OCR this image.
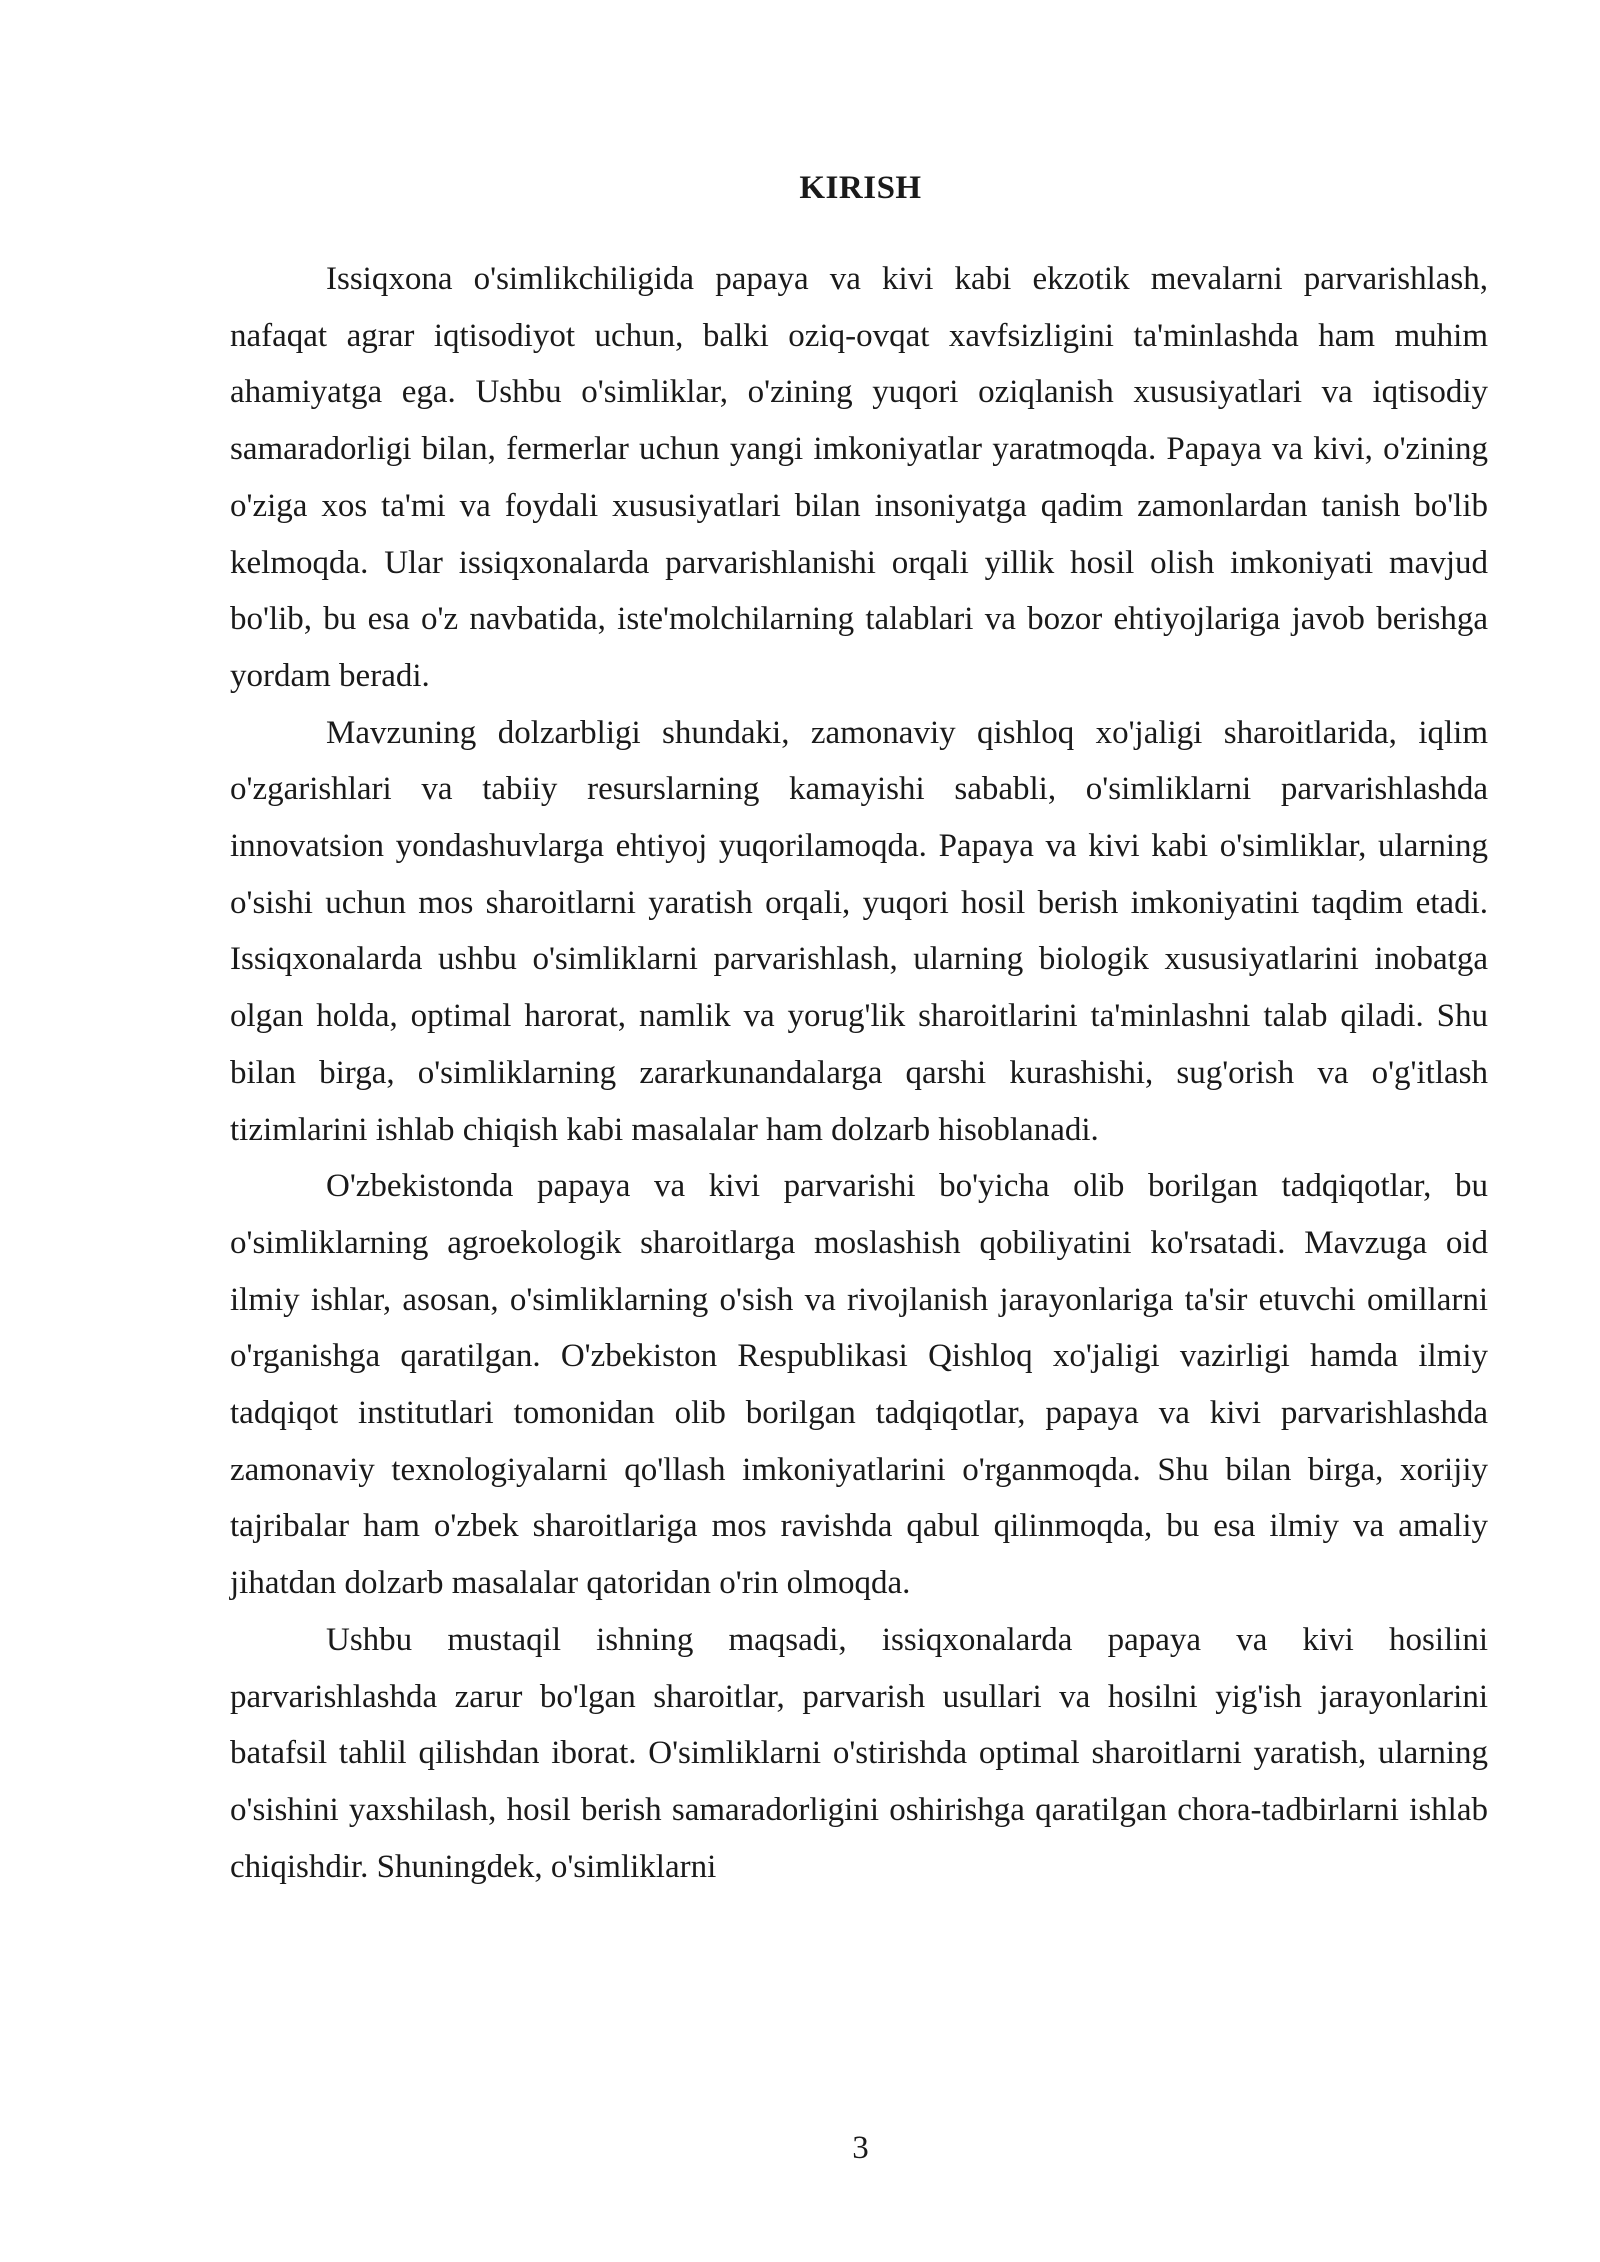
KIRISH

Issiqxona o'simlikchiligida papaya va kivi kabi ekzotik mevalarni parvarishlash, nafaqat agrar iqtisodiyot uchun, balki oziq-ovqat xavfsizligini ta'minlashda ham muhim ahamiyatga ega. Ushbu o'simliklar, o'zining yuqori oziqlanish xususiyatlari va iqtisodiy samaradorligi bilan, fermerlar uchun yangi imkoniyatlar yaratmoqda. Papaya va kivi, o'zining o'ziga xos ta'mi va foydali xususiyatlari bilan insoniyatga qadim zamonlardan tanish bo'lib kelmoqda. Ular issiqxonalarda parvarishlanishi orqali yillik hosil olish imkoniyati mavjud bo'lib, bu esa o'z navbatida, iste'molchilarning talablari va bozor ehtiyojlariga javob berishga yordam beradi.

Mavzuning dolzarbligi shundaki, zamonaviy qishloq xo'jaligi sharoitlarida, iqlim o'zgarishlari va tabiiy resurslarning kamayishi sababli, o'simliklarni parvarishlashda innovatsion yondashuvlarga ehtiyoj yuqorilamoqda. Papaya va kivi kabi o'simliklar, ularning o'sishi uchun mos sharoitlarni yaratish orqali, yuqori hosil berish imkoniyatini taqdim etadi. Issiqxonalarda ushbu o'simliklarni parvarishlash, ularning biologik xususiyatlarini inobatga olgan holda, optimal harorat, namlik va yorug'lik sharoitlarini ta'minlashni talab qiladi. Shu bilan birga, o'simliklarning zararkunandalarga qarshi kurashishi, sug'orish va o'g'itlash tizimlarini ishlab chiqish kabi masalalar ham dolzarb hisoblanadi.

O'zbekistonda papaya va kivi parvarishi bo'yicha olib borilgan tadqiqotlar, bu o'simliklarning agroekologik sharoitlarga moslashish qobiliyatini ko'rsatadi. Mavzuga oid ilmiy ishlar, asosan, o'simliklarning o'sish va rivojlanish jarayonlariga ta'sir etuvchi omillarni o'rganishga qaratilgan. O'zbekiston Respublikasi Qishloq xo'jaligi vazirligi hamda ilmiy tadqiqot institutlari tomonidan olib borilgan tadqiqotlar, papaya va kivi parvarishlashda zamonaviy texnologiyalarni qo'llash imkoniyatlarini o'rganmoqda. Shu bilan birga, xorijiy tajribalar ham o'zbek sharoitlariga mos ravishda qabul qilinmoqda, bu esa ilmiy va amaliy jihatdan dolzarb masalalar qatoridan o'rin olmoqda.

Ushbu mustaqil ishning maqsadi, issiqxonalarda papaya va kivi hosilini parvarishlashda zarur bo'lgan sharoitlar, parvarish usullari va hosilni yig'ish jarayonlarini batafsil tahlil qilishdan iborat. O'simliklarni o'stirishda optimal sharoitlarni yaratish, ularning o'sishini yaxshilash, hosil berish samaradorligini oshirishga qaratilgan chora-tadbirlarni ishlab chiqishdir. Shuningdek, o'simliklarni

3
